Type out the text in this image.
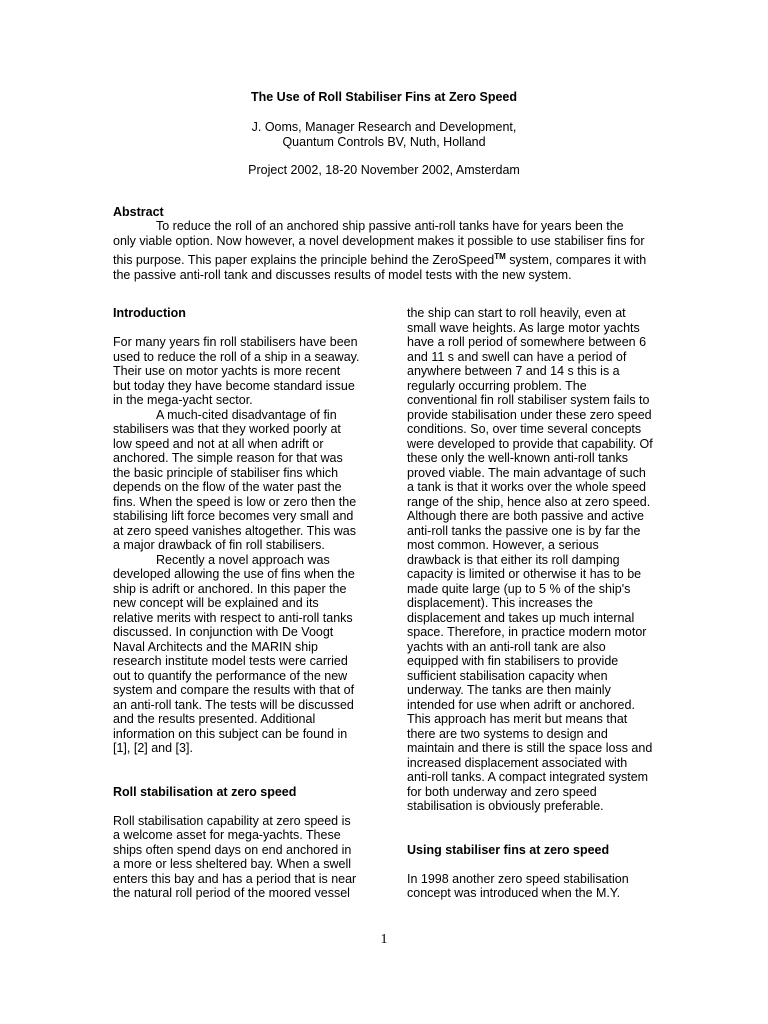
The Use of Roll Stabiliser Fins at Zero Speed
J. Ooms, Manager Research and Development,
Quantum Controls BV, Nuth, Holland
Project 2002, 18-20 November 2002, Amsterdam
Abstract
To reduce the roll of an anchored ship passive anti-roll tanks have for years been the
only viable option. Now however, a novel development makes it possible to use stabiliser fins for
this purpose. This paper explains the principle behind the ZeroSpeed™ system, compares it with
the passive anti-roll tank and discusses results of model tests with the new system.
Introduction

For many years fin roll stabilisers have been
used to reduce the roll of a ship in a seaway.
Their use on motor yachts is more recent
but today they have become standard issue
in the mega-yacht sector.
A much-cited disadvantage of fin
stabilisers was that they worked poorly at
low speed and not at all when adrift or
anchored. The simple reason for that was
the basic principle of stabiliser fins which
depends on the flow of the water past the
fins. When the speed is low or zero then the
stabilising lift force becomes very small and
at zero speed vanishes altogether. This was
a major drawback of fin roll stabilisers.
Recently a novel approach was
developed allowing the use of fins when the
ship is adrift or anchored. In this paper the
new concept will be explained and its
relative merits with respect to anti-roll tanks
discussed. In conjunction with De Voogt
Naval Architects and the MARIN ship
research institute model tests were carried
out to quantify the performance of the new
system and compare the results with that of
an anti-roll tank. The tests will be discussed
and the results presented. Additional
information on this subject can be found in
[1], [2] and [3].

Roll stabilisation at zero speed

Roll stabilisation capability at zero speed is
a welcome asset for mega-yachts. These
ships often spend days on end anchored in
a more or less sheltered bay. When a swell
enters this bay and has a period that is near
the natural roll period of the moored vessel
the ship can start to roll heavily, even at
small wave heights. As large motor yachts
have a roll period of somewhere between 6
and 11 s and swell can have a period of
anywhere between 7 and 14 s this is a
regularly occurring problem. The
conventional fin roll stabiliser system fails to
provide stabilisation under these zero speed
conditions. So, over time several concepts
were developed to provide that capability. Of
these only the well-known anti-roll tanks
proved viable. The main advantage of such
a tank is that it works over the whole speed
range of the ship, hence also at zero speed.
Although there are both passive and active
anti-roll tanks the passive one is by far the
most common. However, a serious
drawback is that either its roll damping
capacity is limited or otherwise it has to be
made quite large (up to 5 % of the ship's
displacement). This increases the
displacement and takes up much internal
space. Therefore, in practice modern motor
yachts with an anti-roll tank are also
equipped with fin stabilisers to provide
sufficient stabilisation capacity when
underway. The tanks are then mainly
intended for use when adrift or anchored.
This approach has merit but means that
there are two systems to design and
maintain and there is still the space loss and
increased displacement associated with
anti-roll tanks. A compact integrated system
for both underway and zero speed
stabilisation is obviously preferable.

Using stabiliser fins at zero speed

In 1998 another zero speed stabilisation
concept was introduced when the M.Y.
1
